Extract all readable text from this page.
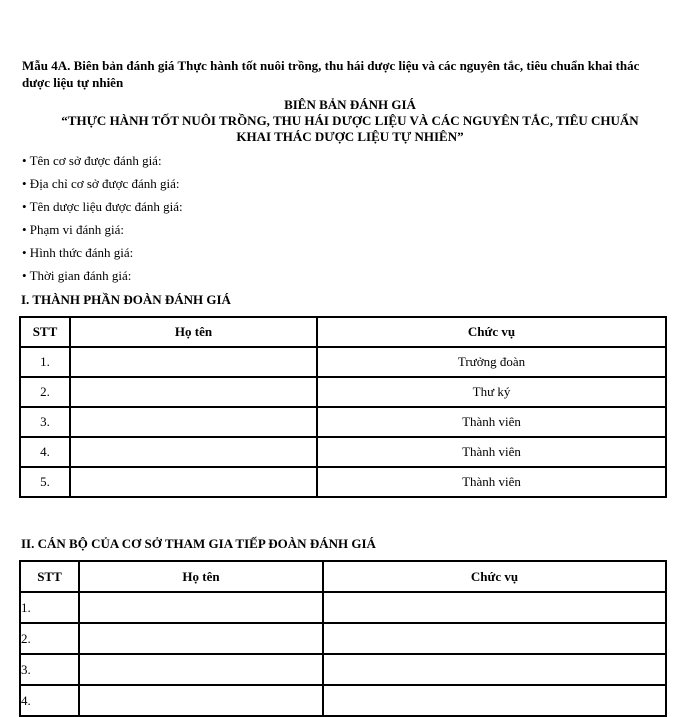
Mẫu 4A. Biên bản đánh giá Thực hành tốt nuôi trồng, thu hái dược liệu và các nguyên tắc, tiêu chuẩn khai thác dược liệu tự nhiên
BIÊN BẢN ĐÁNH GIÁ
“THỰC HÀNH TỐT NUÔI TRỒNG, THU HÁI DƯỢC LIỆU VÀ CÁC NGUYÊN TẮC, TIÊU CHUẨN
KHAI THÁC DƯỢC LIỆU TỰ NHIÊN”
• Tên cơ sở được đánh giá:
• Địa chỉ cơ sở được đánh giá:
• Tên dược liệu được đánh giá:
• Phạm vi đánh giá:
• Hình thức đánh giá:
• Thời gian đánh giá:
I. THÀNH PHẦN ĐOÀN ĐÁNH GIÁ
STT	Họ tên	Chức vụ
1.		Trưởng đoàn
2.		Thư ký
3.		Thành viên
4.		Thành viên
5.		Thành viên
II. CÁN BỘ CỦA CƠ SỞ THAM GIA TIẾP ĐOÀN ĐÁNH GIÁ
STT	Họ tên	Chức vụ
1.		
2.		
3.		
4.		
